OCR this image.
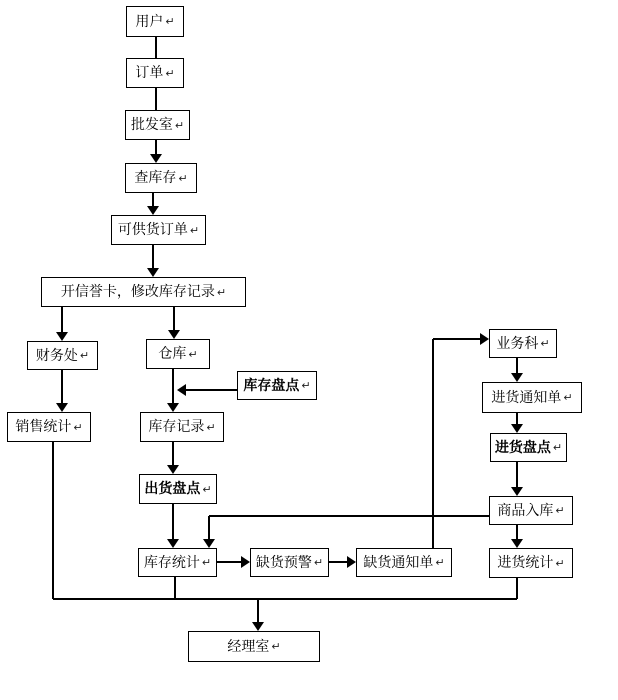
用户 ↵
订单 ↵
批发室 ↵
查库存 ↵
可供货订单 ↵
开信誉卡，修改库存记录 ↵
财务处 ↵	仓库 ↵
库存盘点 ↵
销售统计 ↵	库存记录 ↵
出货盘点 ↵
库存统计 ↵	缺货预警 ↵	缺货通知单 ↵
业务科 ↵
进货通知单 ↵
进货盘点 ↵
商品入库 ↵
进货统计 ↵
经理室 ↵
